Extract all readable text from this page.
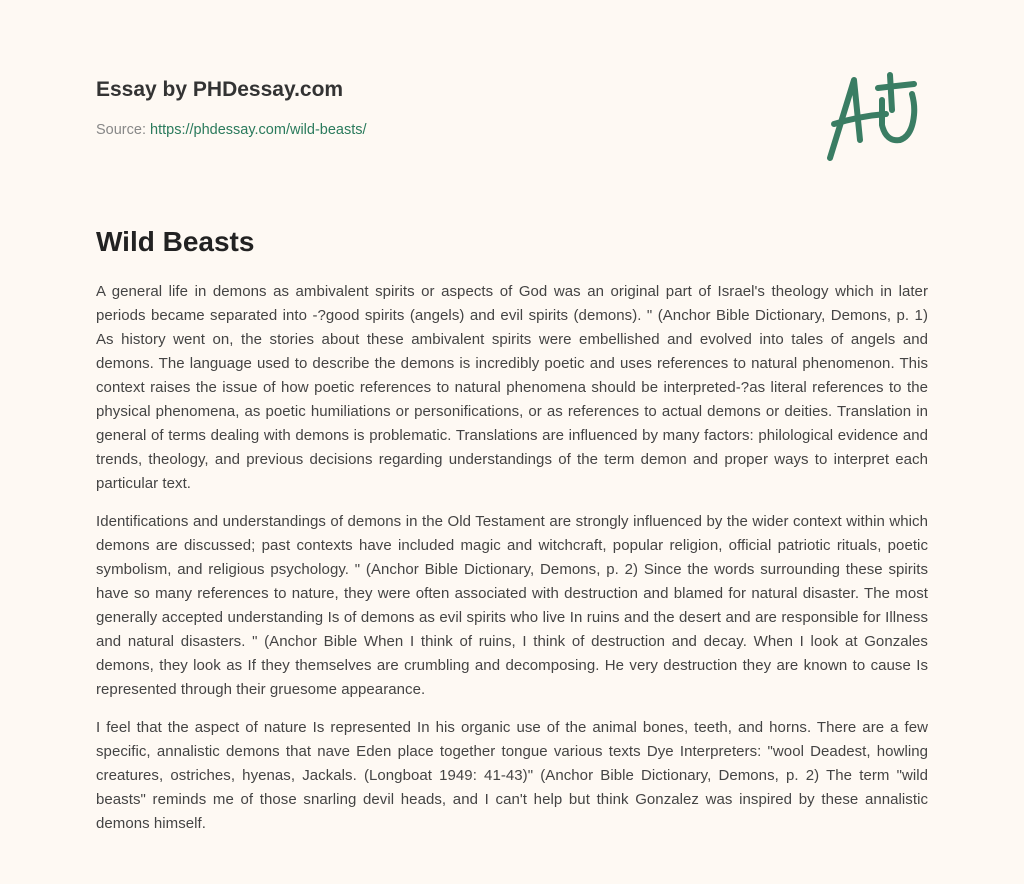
Essay by PHDessay.com

Source: https://phdessay.com/wild-beasts/
Wild Beasts

A general life in demons as ambivalent spirits or aspects of God was an original part of Israel's theology which in later periods became separated into -?good spirits (angels) and evil spirits (demons). " (Anchor Bible Dictionary, Demons, p. 1) As history went on, the stories about these ambivalent spirits were embellished and evolved into tales of angels and demons. The language used to describe the demons is incredibly poetic and uses references to natural phenomenon. This context raises the issue of how poetic references to natural phenomena should be interpreted-?as literal references to the physical phenomena, as poetic humiliations or personifications, or as references to actual demons or deities. Translation in general of terms dealing with demons is problematic. Translations are influenced by many factors: philological evidence and trends, theology, and previous decisions regarding understandings of the term demon and proper ways to interpret each particular text.

Identifications and understandings of demons in the Old Testament are strongly influenced by the wider context within which demons are discussed; past contexts have included magic and witchcraft, popular religion, official patriotic rituals, poetic symbolism, and religious psychology. " (Anchor Bible Dictionary, Demons, p. 2) Since the words surrounding these spirits have so many references to nature, they were often associated with destruction and blamed for natural disaster. The most generally accepted understanding Is of demons as evil spirits who live In ruins and the desert and are responsible for Illness and natural disasters. " (Anchor Bible When I think of ruins, I think of destruction and decay. When I look at Gonzales demons, they look as If they themselves are crumbling and decomposing. He very destruction they are known to cause Is represented through their gruesome appearance.

I feel that the aspect of nature Is represented In his organic use of the animal bones, teeth, and horns. There are a few specific, annalistic demons that nave Eden place together tongue various texts Dye Interpreters: "wool Deadest, howling creatures, ostriches, hyenas, Jackals. (Longboat 1949: 41-43)" (Anchor Bible Dictionary, Demons, p. 2) The term "wild beasts" reminds me of those snarling devil heads, and I can't help but think Gonzalez was inspired by these annalistic demons himself.
